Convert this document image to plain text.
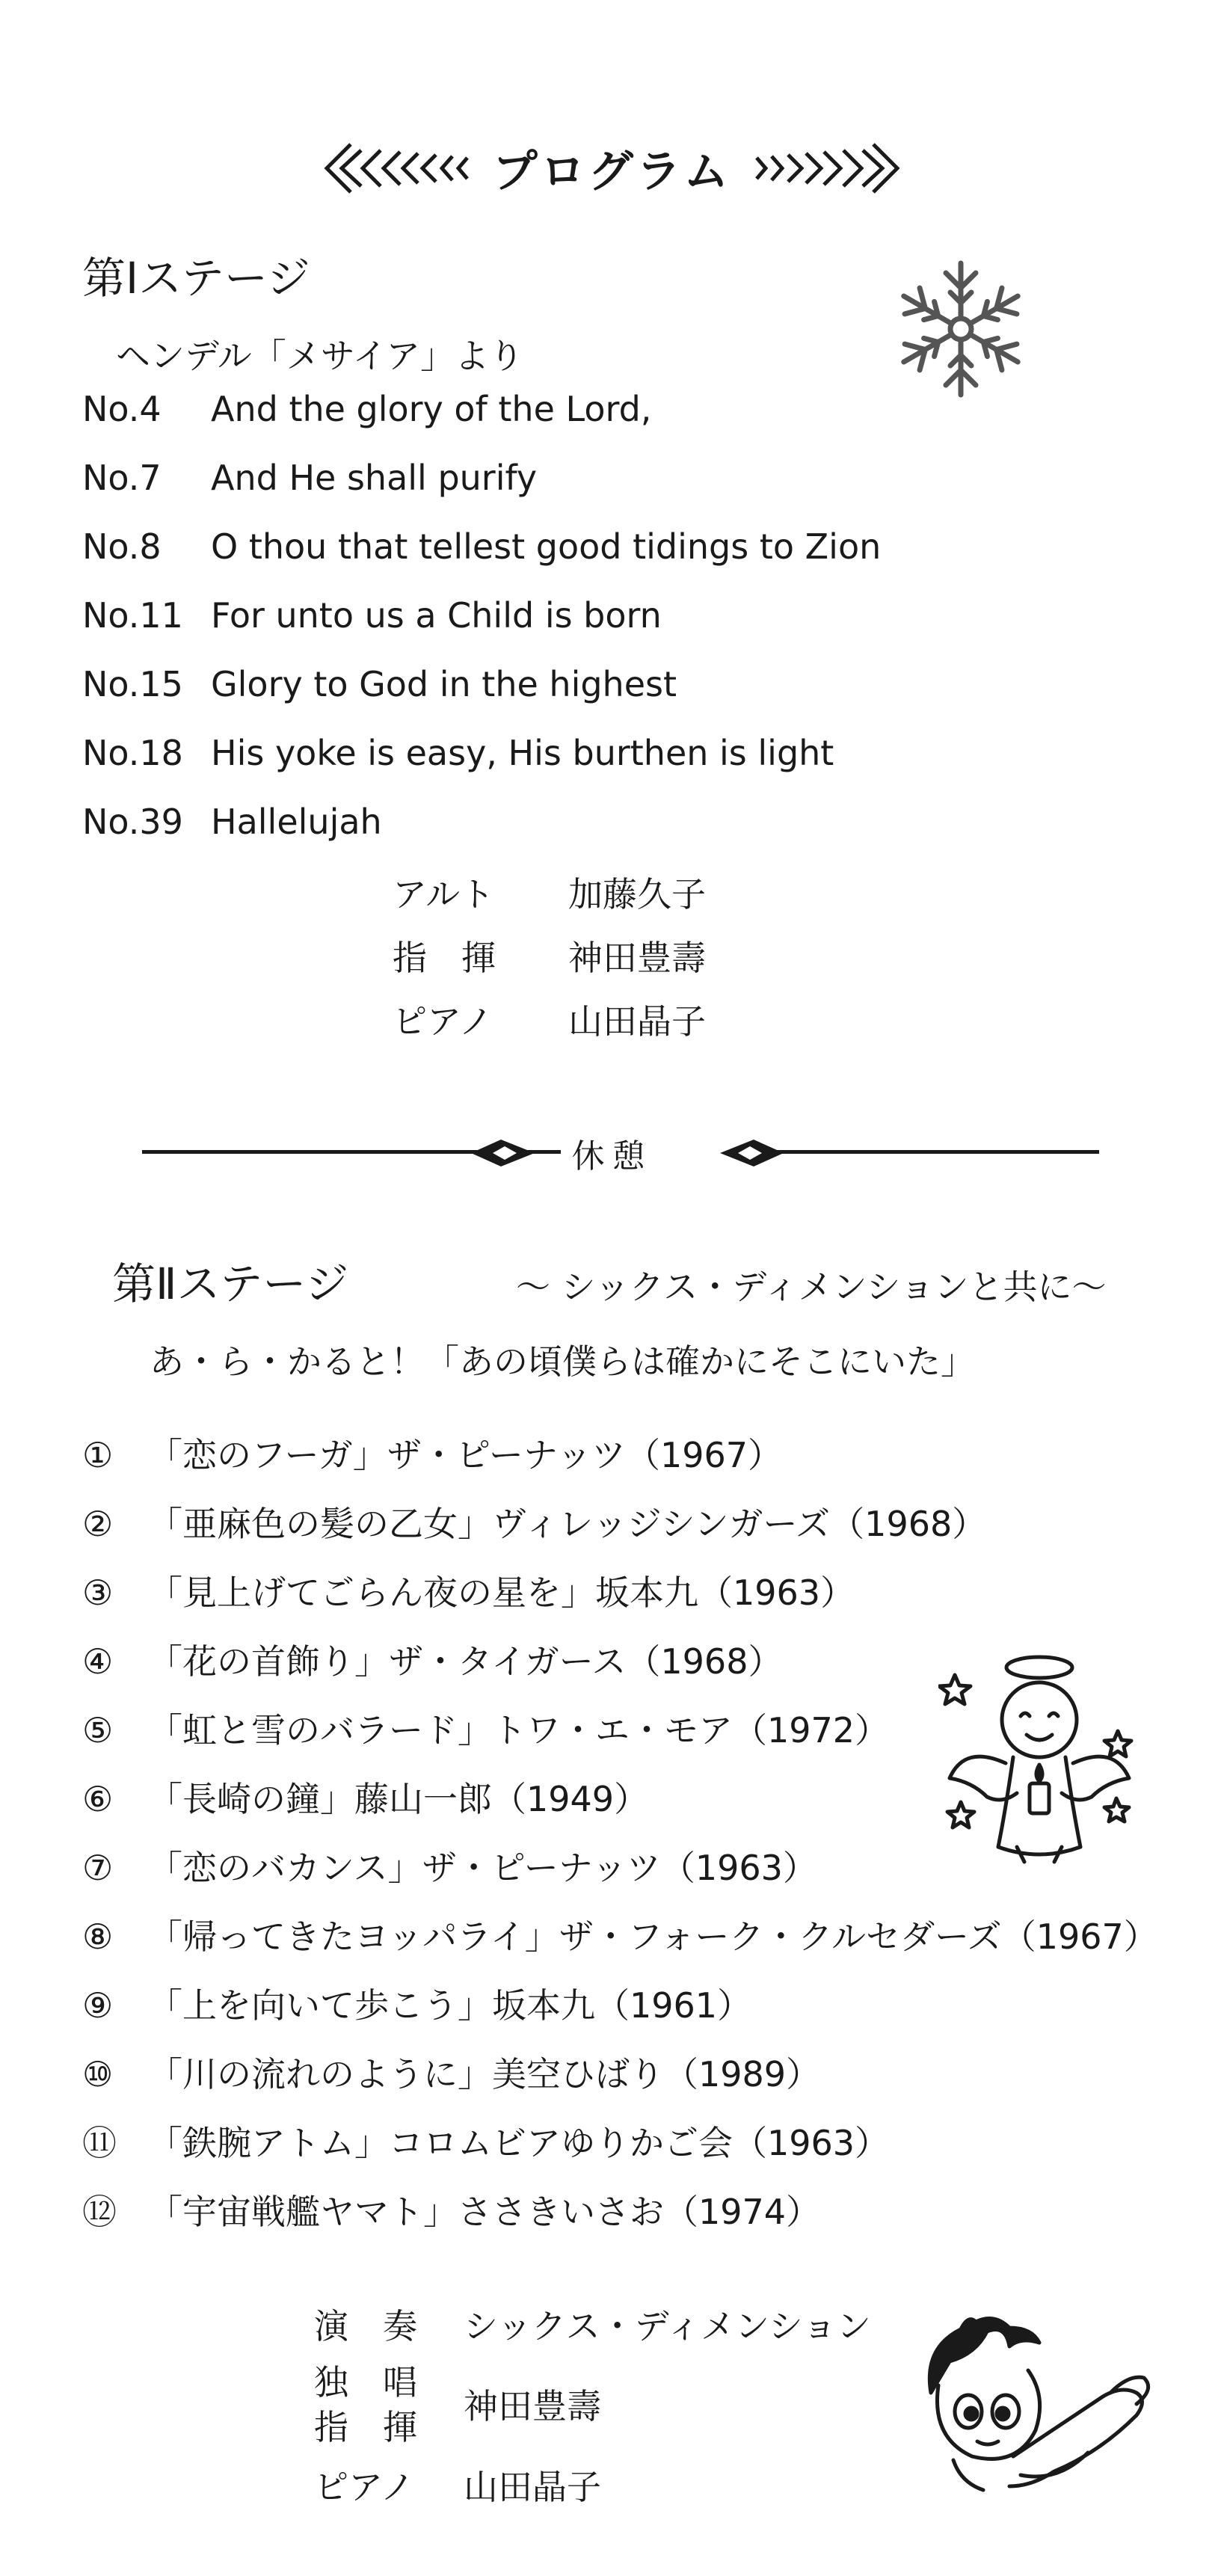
プログラム
第Ⅰステージ
ヘンデル「メサイア」より
No.4 And the glory of the Lord,
No.7 And He shall purify
No.8 O thou that tellest good tidings to Zion
No.11 For unto us a Child is born
No.15 Glory to God in the highest
No.18 His yoke is easy, His burthen is light
No.39 Hallelujah
アルト 加藤久子
指　揮 神田豊壽
ピアノ 山田晶子
休憩
第Ⅱステージ	～ シックス・ディメンションと共に～
あ・ら・かると！「あの頃僕らは確かにそこにいた」
① 「恋のフーガ」ザ・ピーナッツ（1967）
② 「亜麻色の髪の乙女」ヴィレッジシンガーズ（1968）
③ 「見上げてごらん夜の星を」坂本九（1963）
④ 「花の首飾り」ザ・タイガース（1968）
⑤ 「虹と雪のバラード」トワ・エ・モア（1972）
⑥ 「長崎の鐘」藤山一郎（1949）
⑦ 「恋のバカンス」ザ・ピーナッツ（1963）
⑧ 「帰ってきたヨッパライ」ザ・フォーク・クルセダーズ（1967）
⑨ 「上を向いて歩こう」坂本九（1961）
⑩ 「川の流れのように」美空ひばり（1989）
⑪ 「鉄腕アトム」コロムビアゆりかご会（1963）
⑫ 「宇宙戦艦ヤマト」ささきいさお（1974）
演　奏 シックス・ディメンション
独　唱
神田豊壽
指　揮
ピアノ 山田晶子
